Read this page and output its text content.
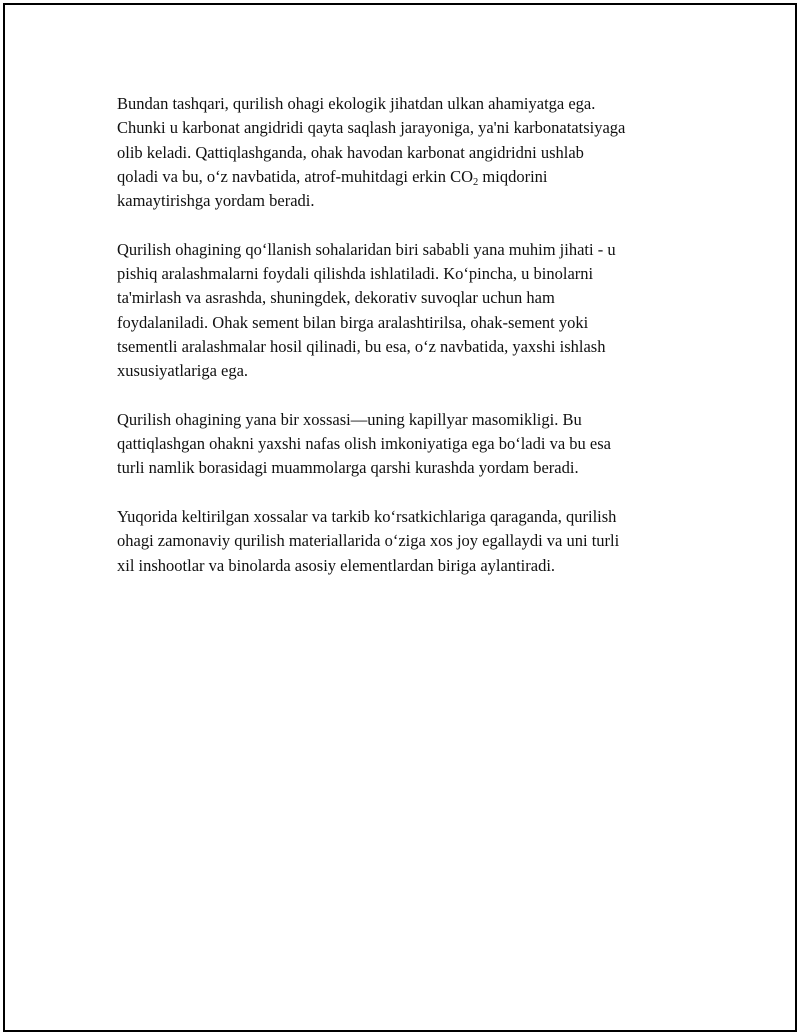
Bundan tashqari, qurilish ohagi ekologik jihatdan ulkan ahamiyatga ega.
Chunki u karbonat angidridi qayta saqlash jarayoniga, ya'ni karbonatatsiyaga
olib keladi. Qattiqlashganda, ohak havodan karbonat angidridni ushlab
qoladi va bu, o‘z navbatida, atrof-muhitdagi erkin $CO_2$ miqdorini
kamaytirishga yordam beradi.

Qurilish ohagining qo‘llanish sohalaridan biri sababli yana muhim jihati - u
pishiq aralashmalarni foydali qilishda ishlatiladi. Ko‘pincha, u binolarni
ta'mirlash va asrashda, shuningdek, dekorativ suvoqlar uchun ham
foydalaniladi. Ohak sement bilan birga aralashtirilsa, ohak-sement yoki
tsementli aralashmalar hosil qilinadi, bu esa, o‘z navbatida, yaxshi ishlash
xususiyatlariga ega.

Qurilish ohagining yana bir xossasi—uning kapillyar masomikligi. Bu
qattiqlashgan ohakni yaxshi nafas olish imkoniyatiga ega bo‘ladi va bu esa
turli namlik borasidagi muammolarga qarshi kurashda yordam beradi.

Yuqorida keltirilgan xossalar va tarkib ko‘rsatkichlariga qaraganda, qurilish
ohagi zamonaviy qurilish materiallarida o‘ziga xos joy egallaydi va uni turli
xil inshootlar va binolarda asosiy elementlardan biriga aylantiradi.
